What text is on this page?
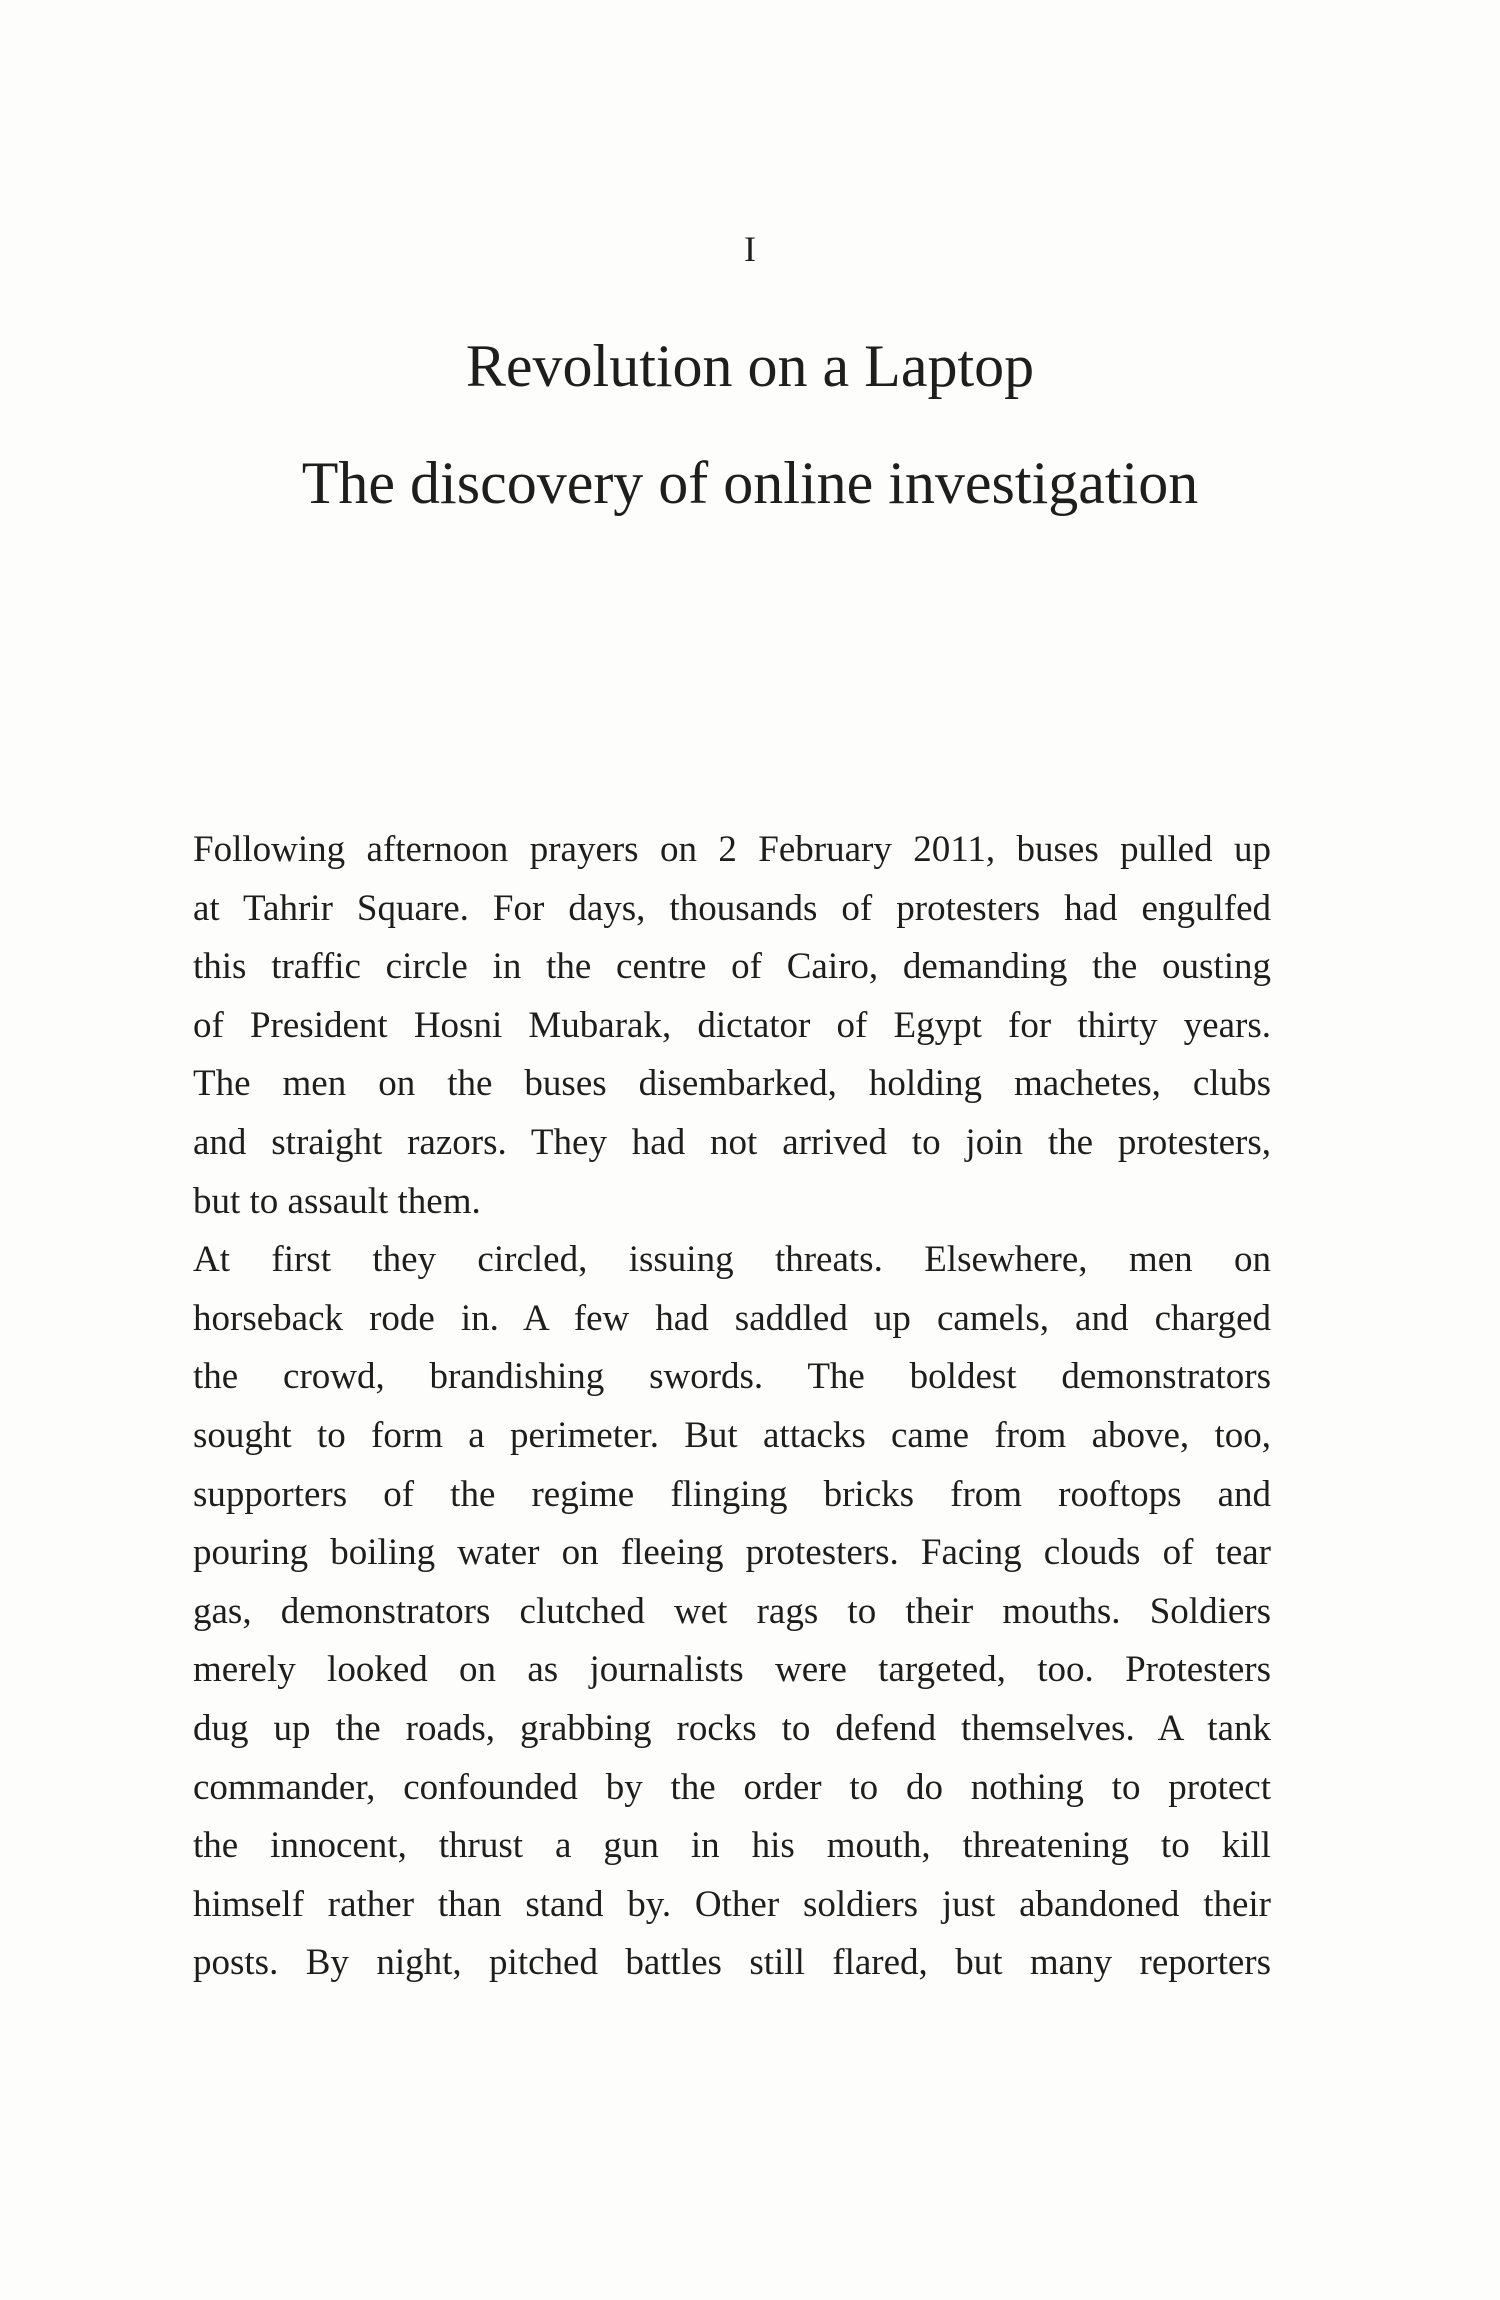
I
Revolution on a Laptop
The discovery of online investigation
Following afternoon prayers on 2 February 2011, buses pulled up
at Tahrir Square. For days, thousands of protesters had engulfed
this traffic circle in the centre of Cairo, demanding the ousting
of President Hosni Mubarak, dictator of Egypt for thirty years.
The men on the buses disembarked, holding machetes, clubs
and straight razors. They had not arrived to join the protesters,
but to assault them.
At first they circled, issuing threats. Elsewhere, men on
horseback rode in. A few had saddled up camels, and charged
the crowd, brandishing swords. The boldest demonstrators
sought to form a perimeter. But attacks came from above, too,
supporters of the regime flinging bricks from rooftops and
pouring boiling water on fleeing protesters. Facing clouds of tear
gas, demonstrators clutched wet rags to their mouths. Soldiers
merely looked on as journalists were targeted, too. Protesters
dug up the roads, grabbing rocks to defend themselves. A tank
commander, confounded by the order to do nothing to protect
the innocent, thrust a gun in his mouth, threatening to kill
himself rather than stand by. Other soldiers just abandoned their
posts. By night, pitched battles still flared, but many reporters
